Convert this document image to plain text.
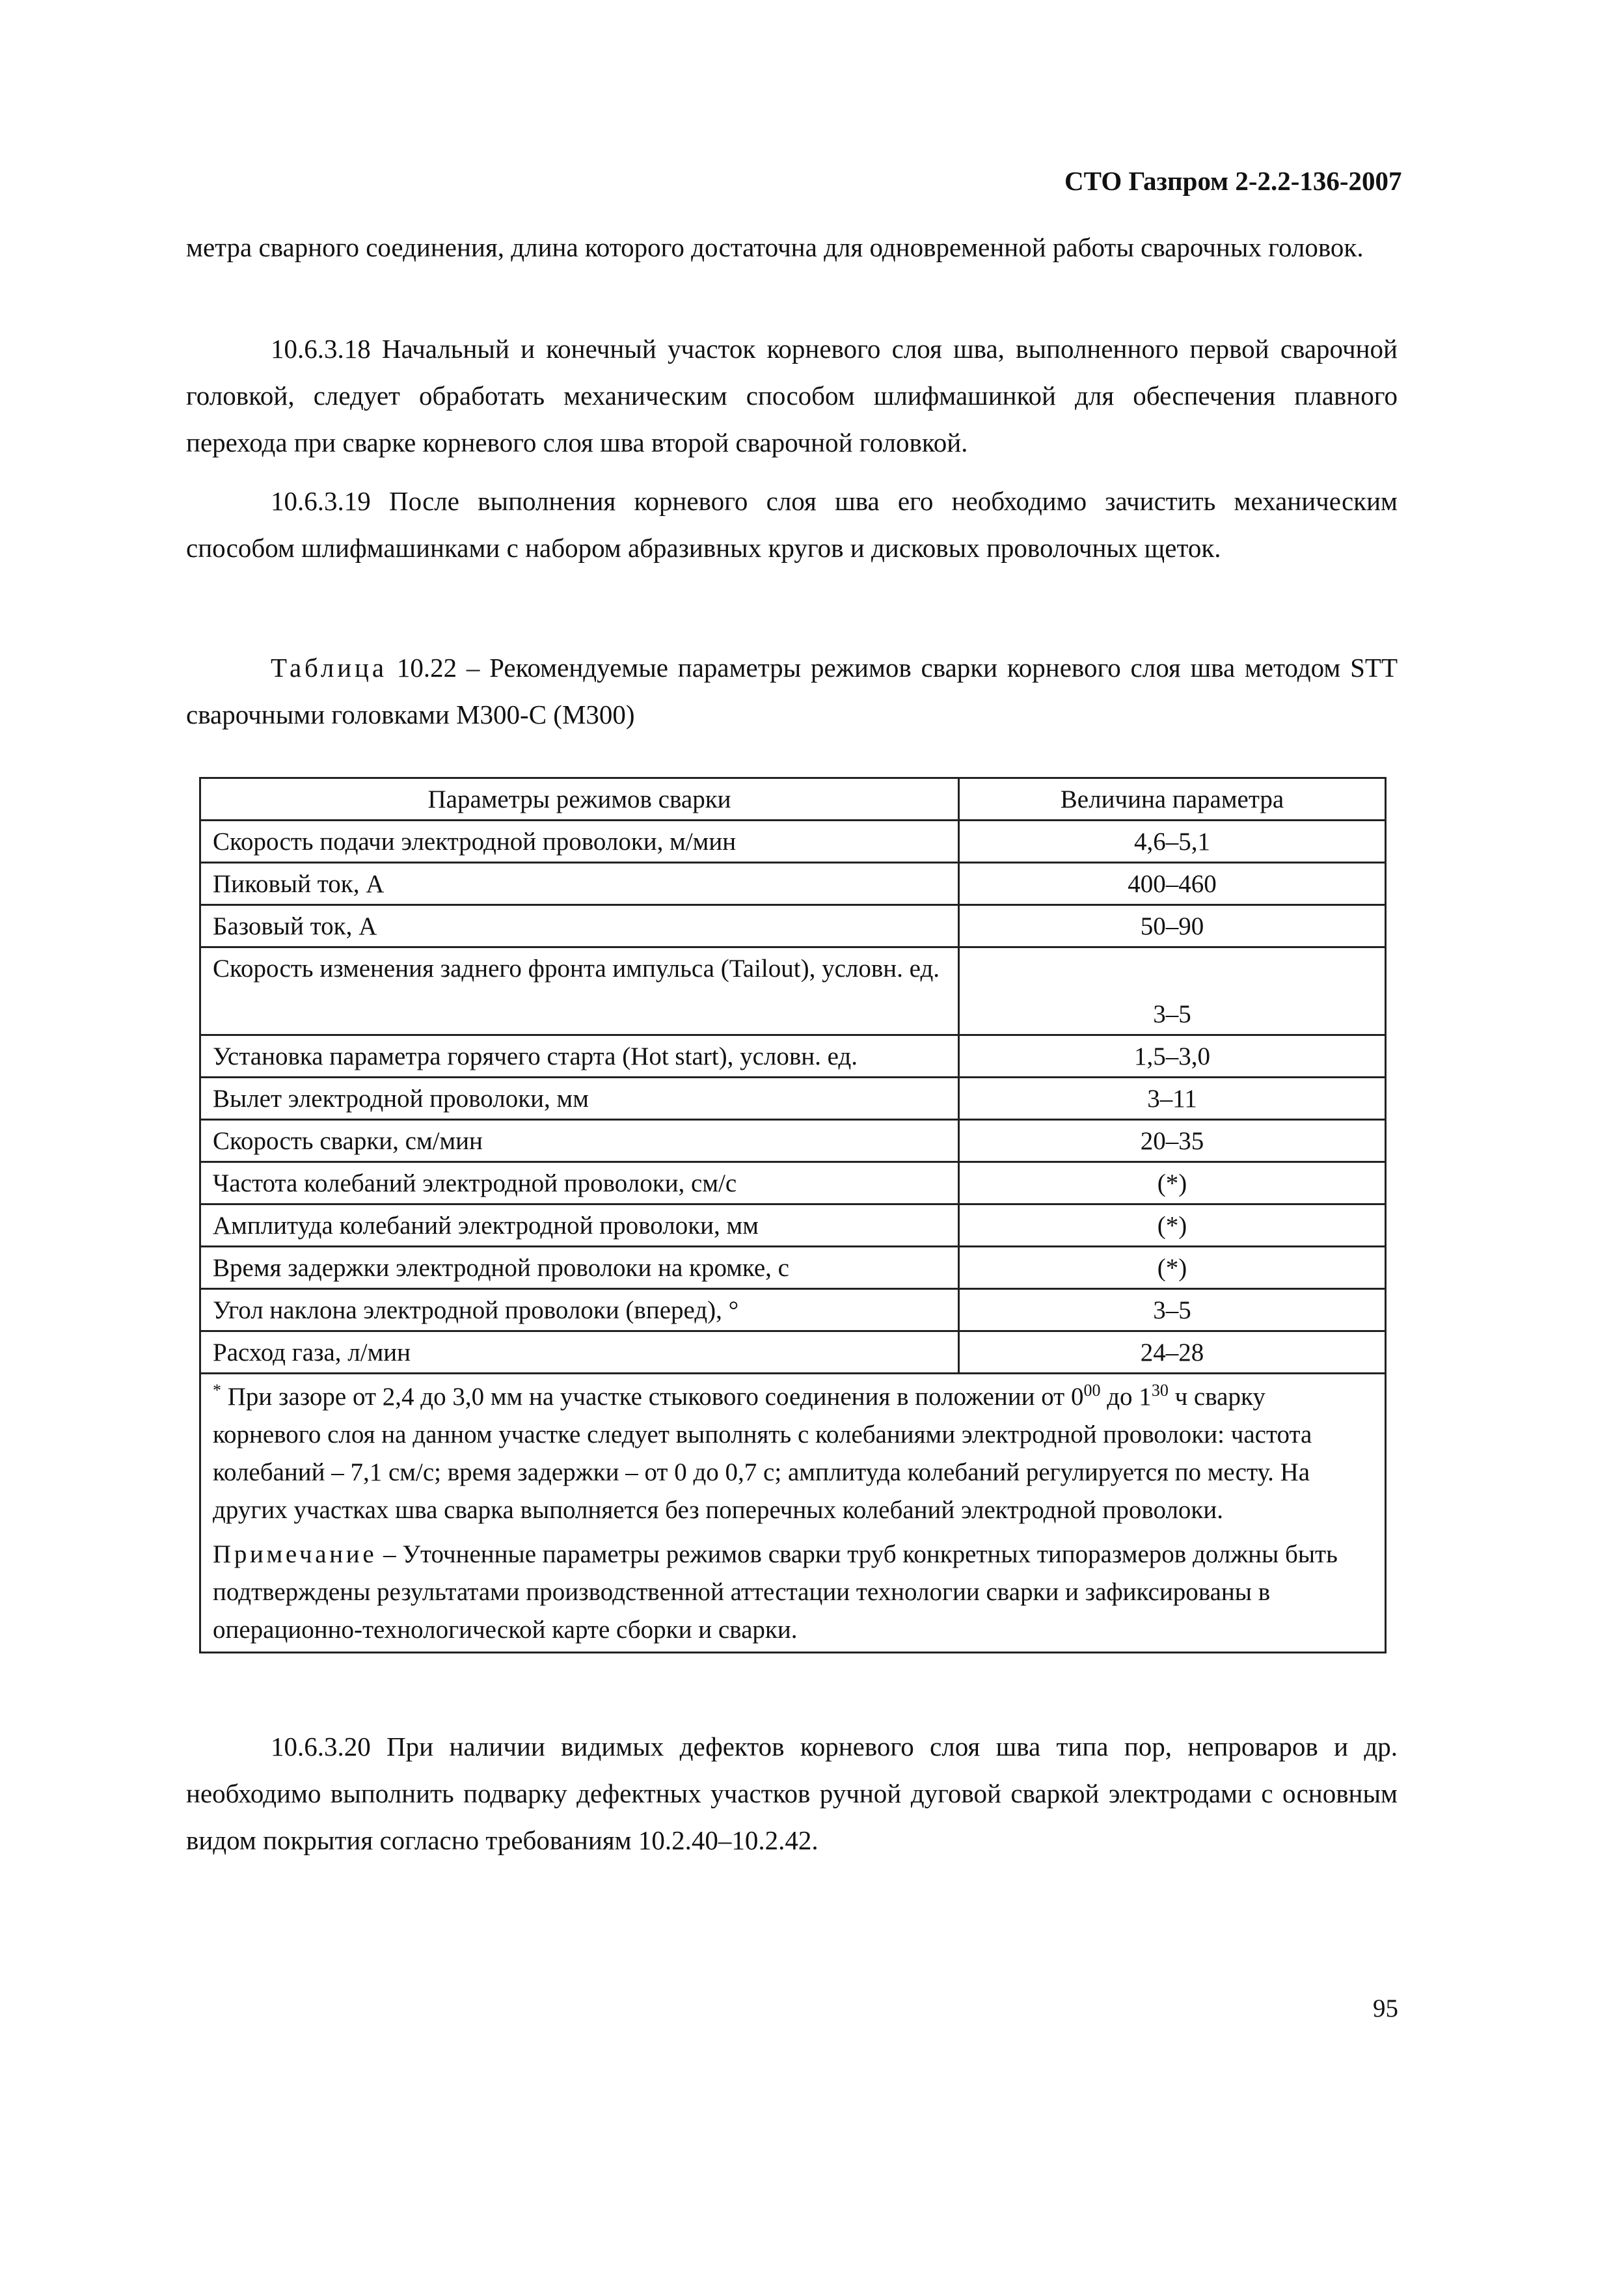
СТО Газпром 2-2.2-136-2007

метра сварного соединения, длина которого достаточна для одновременной работы сварочных головок.

10.6.3.18 Начальный и конечный участок корневого слоя шва, выполненного первой сварочной головкой, следует обработать механическим способом шлифмашинкой для обеспечения плавного перехода при сварке корневого слоя шва второй сварочной головкой.

10.6.3.19 После выполнения корневого слоя шва его необходимо зачистить механическим способом шлифмашинками с набором абразивных кругов и дисковых проволочных щеток.

Таблица 10.22 – Рекомендуемые параметры режимов сварки корневого слоя шва методом STT сварочными головками М300-С (М300)

Параметры режимов сварки	Величина параметра
Скорость подачи электродной проволоки, м/мин	4,6–5,1
Пиковый ток, А	400–460
Базовый ток, А	50–90
Скорость изменения заднего фронта импульса (Tailout), условн. ед.	3–5
Установка параметра горячего старта (Hot start), условн. ед.	1,5–3,0
Вылет электродной проволоки, мм	3–11
Скорость сварки, см/мин	20–35
Частота колебаний электродной проволоки, см/с	(*)
Амплитуда колебаний электродной проволоки, мм	(*)
Время задержки электродной проволоки на кромке, с	(*)
Угол наклона электродной проволоки (вперед), °	3–5
Расход газа, л/мин	24–28

* При зазоре от 2,4 до 3,0 мм на участке стыкового соединения в положении от $0^{00}$ до $1^{30}$ ч сварку корневого слоя на данном участке следует выполнять с колебаниями электродной проволоки: частота колебаний – 7,1 см/с; время задержки – от 0 до 0,7 с; амплитуда колебаний регулируется по месту. На других участках шва сварка выполняется без поперечных колебаний электродной проволоки.

Примечание – Уточненные параметры режимов сварки труб конкретных типоразмеров должны быть подтверждены результатами производственной аттестации технологии сварки и зафиксированы в операционно-технологической карте сборки и сварки.	

10.6.3.20 При наличии видимых дефектов корневого слоя шва типа пор, непроваров и др. необходимо выполнить подварку дефектных участков ручной дуговой сваркой электродами с основным видом покрытия согласно требованиям 10.2.40–10.2.42.

95
